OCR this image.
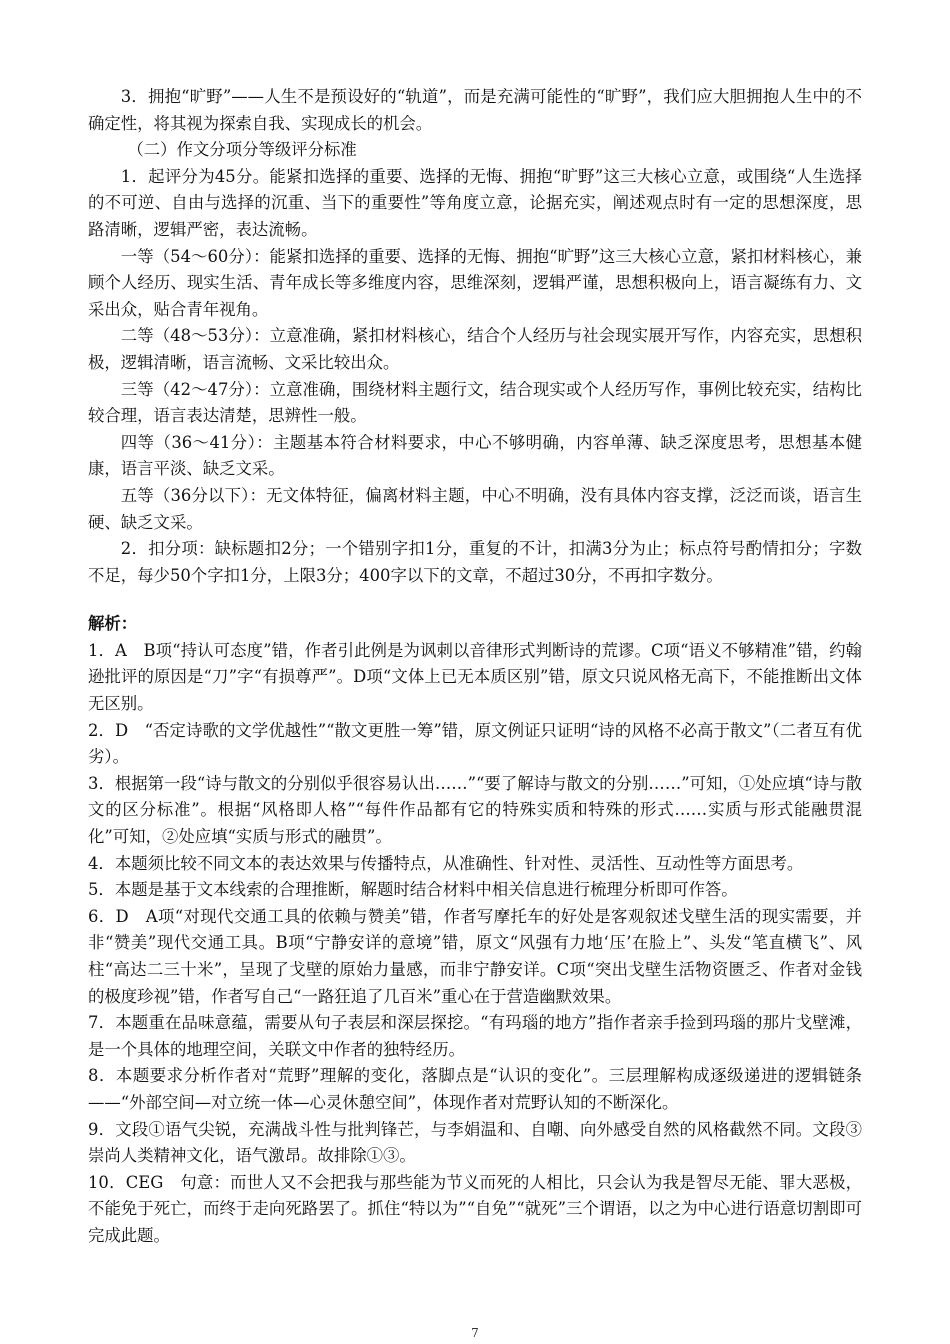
3．拥抱“旷野”——人生不是预设好的“轨道”，而是充满可能性的“旷野”，我们应大胆拥抱人生中的不确定性，将其视为探索自我、实现成长的机会。

（二）作文分项分等级评分标准

1．起评分为45分。能紧扣选择的重要、选择的无悔、拥抱“旷野”这三大核心立意，或围绕“人生选择的不可逆、自由与选择的沉重、当下的重要性”等角度立意，论据充实，阐述观点时有一定的思想深度，思路清晰，逻辑严密，表达流畅。

一等（54～60分）：能紧扣选择的重要、选择的无悔、拥抱“旷野”这三大核心立意，紧扣材料核心，兼顾个人经历、现实生活、青年成长等多维度内容，思维深刻，逻辑严谨，思想积极向上，语言凝练有力、文采出众，贴合青年视角。

二等（48～53分）：立意准确，紧扣材料核心，结合个人经历与社会现实展开写作，内容充实，思想积极，逻辑清晰，语言流畅、文采比较出众。

三等（42～47分）：立意准确，围绕材料主题行文，结合现实或个人经历写作，事例比较充实，结构比较合理，语言表达清楚，思辨性一般。

四等（36～41分）：主题基本符合材料要求，中心不够明确，内容单薄、缺乏深度思考，思想基本健康，语言平淡、缺乏文采。

五等（36分以下）：无文体特征，偏离材料主题，中心不明确，没有具体内容支撑，泛泛而谈，语言生硬、缺乏文采。

2．扣分项：缺标题扣2分；一个错别字扣1分，重复的不计，扣满3分为止；标点符号酌情扣分；字数不足，每少50个字扣1分，上限3分；400字以下的文章，不超过30分，不再扣字数分。

解析：

1．A　B项“持认可态度”错，作者引此例是为讽刺以音律形式判断诗的荒谬。C项“语义不够精准”错，约翰逊批评的原因是“刀”字“有损尊严”。D项“文体上已无本质区别”错，原文只说风格无高下，不能推断出文体无区别。

2．D　“否定诗歌的文学优越性”“散文更胜一筹”错，原文例证只证明“诗的风格不必高于散文”（二者互有优劣）。

3．根据第一段“诗与散文的分别似乎很容易认出……”“要了解诗与散文的分别……”可知，①处应填“诗与散文的区分标准”。根据“风格即人格”“每件作品都有它的特殊实质和特殊的形式……实质与形式能融贯混化”可知，②处应填“实质与形式的融贯”。

4．本题须比较不同文本的表达效果与传播特点，从准确性、针对性、灵活性、互动性等方面思考。

5．本题是基于文本线索的合理推断，解题时结合材料中相关信息进行梳理分析即可作答。

6．D　A项“对现代交通工具的依赖与赞美”错，作者写摩托车的好处是客观叙述戈壁生活的现实需要，并非“赞美”现代交通工具。B项“宁静安详的意境”错，原文“风强有力地‘压’在脸上”、头发“笔直横飞”、风柱“高达二三十米”，呈现了戈壁的原始力量感，而非宁静安详。C项“突出戈壁生活物资匮乏、作者对金钱的极度珍视”错，作者写自己“一路狂追了几百米”重心在于营造幽默效果。

7．本题重在品味意蕴，需要从句子表层和深层探挖。“有玛瑙的地方”指作者亲手捡到玛瑙的那片戈壁滩，是一个具体的地理空间，关联文中作者的独特经历。

8．本题要求分析作者对“荒野”理解的变化，落脚点是“认识的变化”。三层理解构成逐级递进的逻辑链条——“外部空间—对立统一体—心灵休憩空间”，体现作者对荒野认知的不断深化。

9．文段①语气尖锐，充满战斗性与批判锋芒，与李娟温和、自嘲、向外感受自然的风格截然不同。文段③崇尚人类精神文化，语气激昂。故排除①③。

10．CEG　句意：而世人又不会把我与那些能为节义而死的人相比，只会认为我是智尽无能、罪大恶极，不能免于死亡，而终于走向死路罢了。抓住“特以为”“自免”“就死”三个谓语，以之为中心进行语意切割即可完成此题。

7
